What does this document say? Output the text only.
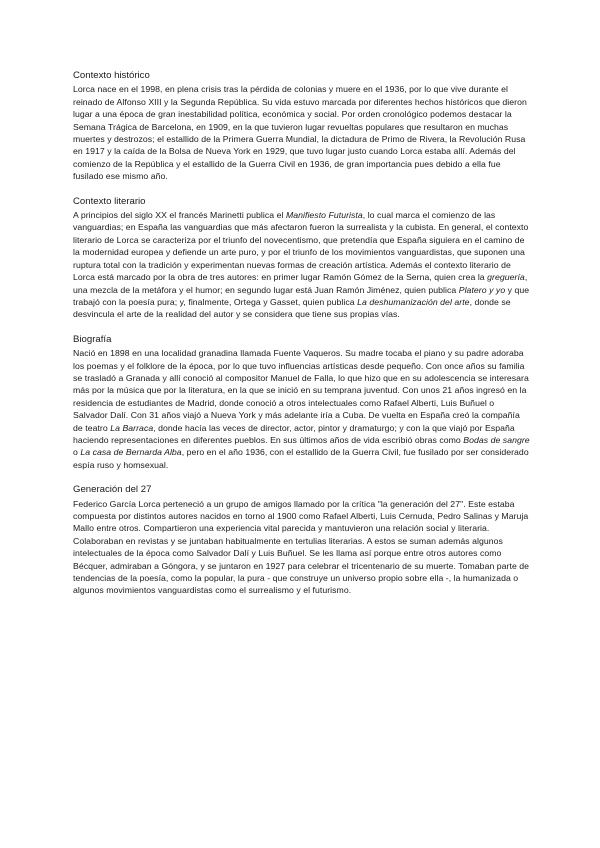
Contexto histórico

Lorca nace en el 1998, en plena crisis tras la pérdida de colonias y muere en el 1936, por lo que vive durante el reinado de Alfonso XIII y la Segunda República. Su vida estuvo marcada por diferentes hechos históricos que dieron lugar a una época de gran inestabilidad política, económica y social. Por orden cronológico podemos destacar la Semana Trágica de Barcelona, en 1909, en la que tuvieron lugar revueltas populares que resultaron en muchas muertes y destrozos; el estallido de la Primera Guerra Mundial, la dictadura de Primo de Rivera, la Revolución Rusa en 1917 y la caída de la Bolsa de Nueva York en 1929, que tuvo lugar justo cuando Lorca estaba allí. Además del comienzo de la República y el estallido de la Guerra Civil en 1936, de gran importancia pues debido a ella fue fusilado ese mismo año.

Contexto literario

A principios del siglo XX el francés Marinetti publica el Manifiesto Futurista, lo cual marca el comienzo de las vanguardias; en España las vanguardias que más afectaron fueron la surrealista y la cubista. En general, el contexto literario de Lorca se caracteriza por el triunfo del novecentismo, que pretendía que España siguiera en el camino de la modernidad europea y defiende un arte puro, y por el triunfo de los movimientos vanguardistas, que suponen una ruptura total con la tradición y experimentan nuevas formas de creación artística. Además el contexto literario de Lorca está marcado por la obra de tres autores: en primer lugar Ramón Gómez de la Serna, quien crea la greguería, una mezcla de la metáfora y el humor; en segundo lugar está Juan Ramón Jiménez, quien publica Platero y yo y que trabajó con la poesía pura; y, finalmente, Ortega y Gasset, quien publica La deshumanización del arte, donde se desvincula el arte de la realidad del autor y se considera que tiene sus propias vías.

Biografía

Nació en 1898 en una localidad granadina llamada Fuente Vaqueros. Su madre tocaba el piano y su padre adoraba los poemas y el folklore de la época, por lo que tuvo influencias artísticas desde pequeño. Con once años su familia se trasladó a Granada y allí conoció al compositor Manuel de Falla, lo que hizo que en su adolescencia se interesara más por la música que por la literatura, en la que se inició en su temprana juventud. Con unos 21 años ingresó en la residencia de estudiantes de Madrid, donde conoció a otros intelectuales como Rafael Alberti, Luis Buñuel o Salvador Dalí. Con 31 años viajó a Nueva York y más adelante iría a Cuba. De vuelta en España creó la compañía de teatro La Barraca, donde hacía las veces de director, actor, pintor y dramaturgo; y con la que viajó por España haciendo representaciones en diferentes pueblos. En sus últimos años de vida escribió obras como Bodas de sangre o La casa de Bernarda Alba, pero en el año 1936, con el estallido de la Guerra Civil, fue fusilado por ser considerado espía ruso y homsexual.

Generación del 27

Federico García Lorca perteneció a un grupo de amigos llamado por la crítica "la generación del 27". Este estaba compuesta por distintos autores nacidos en torno al 1900 como Rafael Alberti, Luis Cernuda, Pedro Salinas y Maruja Mallo entre otros. Compartieron una experiencia vital parecida y mantuvieron una relación social y literaria. Colaboraban en revistas y se juntaban habitualmente en tertulias literarias. A estos se suman además algunos intelectuales de la época como Salvador Dalí y Luis Buñuel. Se les llama así porque entre otros autores como Bécquer, admiraban a Góngora, y se juntaron en 1927 para celebrar el tricentenario de su muerte. Tomaban parte de tendencias de la poesía, como la popular, la pura - que construye un universo propio sobre ella -, la humanizada o algunos movimientos vanguardistas como el surrealismo y el futurismo.
